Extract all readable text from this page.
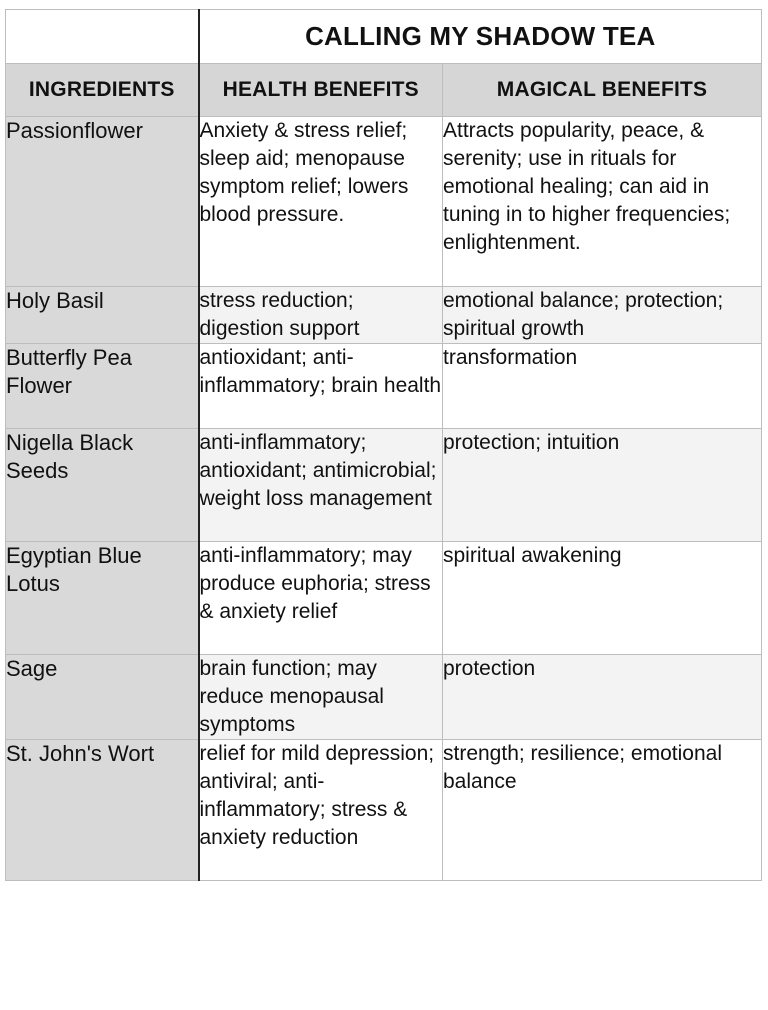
	CALLING MY SHADOW TEA	
INGREDIENTS	HEALTH BENEFITS	MAGICAL BENEFITS
Passionflower	Anxiety & stress relief; sleep aid; menopause symptom relief; lowers blood pressure.	Attracts popularity, peace, & serenity; use in rituals for emotional healing; can aid in tuning in to higher frequencies; enlightenment.
Holy Basil	stress reduction; digestion support	emotional balance; protection; spiritual growth
Butterfly Pea Flower	antioxidant; anti-inflammatory; brain health	transformation
Nigella Black Seeds	anti-inflammatory; antioxidant; antimicrobial; weight loss management	protection; intuition
Egyptian Blue Lotus	anti-inflammatory; may produce euphoria; stress & anxiety relief	spiritual awakening
Sage	brain function; may reduce menopausal symptoms	protection
St. John's Wort	relief for mild depression; antiviral; anti-inflammatory; stress & anxiety reduction	strength; resilience; emotional balance
